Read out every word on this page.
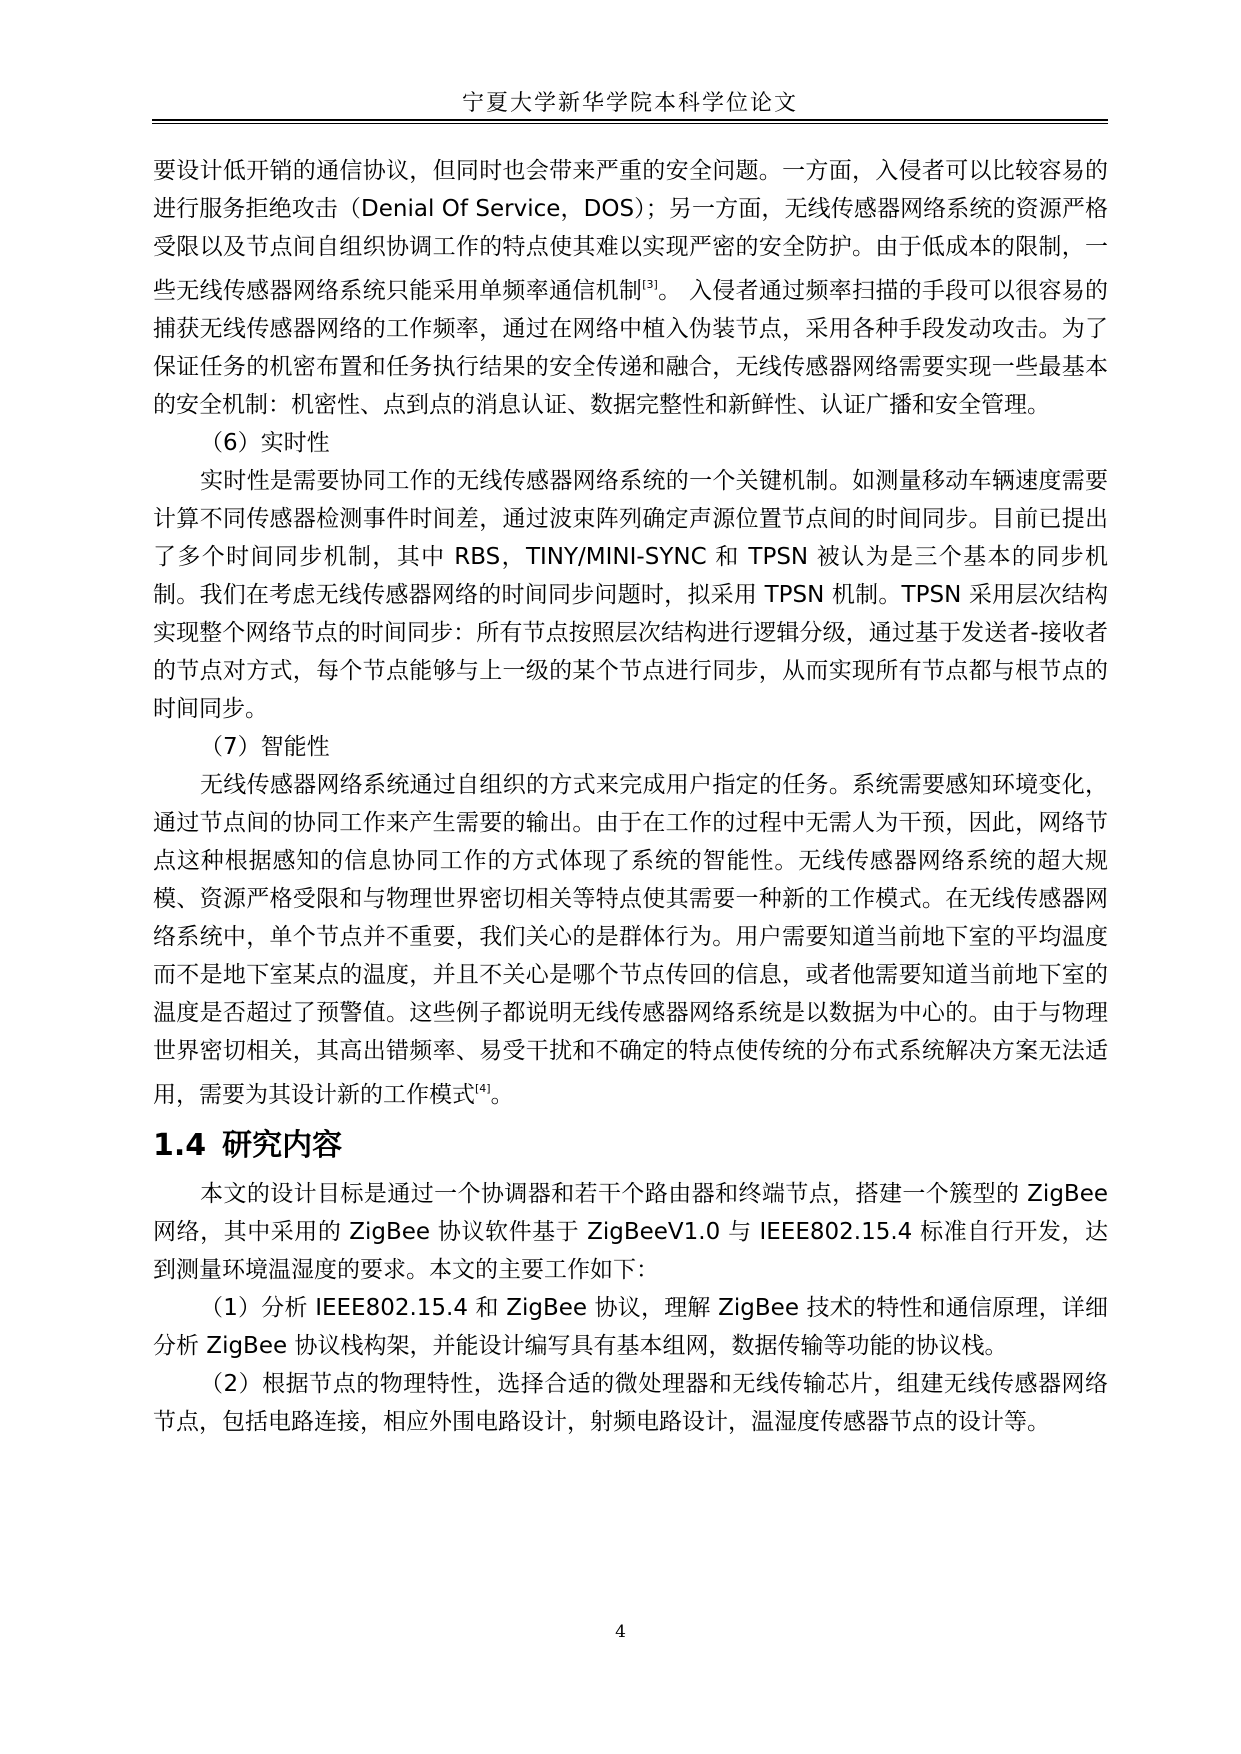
宁夏大学新华学院本科学位论文

要设计低开销的通信协议，但同时也会带来严重的安全问题。一方面，入侵者可以比较容易的进行服务拒绝攻击（Denial Of Service，DOS）；另一方面，无线传感器网络系统的资源严格受限以及节点间自组织协调工作的特点使其难以实现严密的安全防护。由于低成本的限制，一些无线传感器网络系统只能采用单频率通信机制[3]。 入侵者通过频率扫描的手段可以很容易的捕获无线传感器网络的工作频率，通过在网络中植入伪装节点，采用各种手段发动攻击。为了保证任务的机密布置和任务执行结果的安全传递和融合，无线传感器网络需要实现一些最基本的安全机制：机密性、点到点的消息认证、数据完整性和新鲜性、认证广播和安全管理。

（6）实时性

实时性是需要协同工作的无线传感器网络系统的一个关键机制。如测量移动车辆速度需要计算不同传感器检测事件时间差，通过波束阵列确定声源位置节点间的时间同步。目前已提出了多个时间同步机制，其中 RBS，TINY/MINI-SYNC 和 TPSN 被认为是三个基本的同步机制。我们在考虑无线传感器网络的时间同步问题时，拟采用 TPSN 机制。TPSN 采用层次结构实现整个网络节点的时间同步：所有节点按照层次结构进行逻辑分级，通过基于发送者-接收者的节点对方式，每个节点能够与上一级的某个节点进行同步，从而实现所有节点都与根节点的时间同步。

（7）智能性

无线传感器网络系统通过自组织的方式来完成用户指定的任务。系统需要感知环境变化，通过节点间的协同工作来产生需要的输出。由于在工作的过程中无需人为干预，因此，网络节点这种根据感知的信息协同工作的方式体现了系统的智能性。无线传感器网络系统的超大规模、资源严格受限和与物理世界密切相关等特点使其需要一种新的工作模式。在无线传感器网络系统中，单个节点并不重要，我们关心的是群体行为。用户需要知道当前地下室的平均温度而不是地下室某点的温度，并且不关心是哪个节点传回的信息，或者他需要知道当前地下室的温度是否超过了预警值。这些例子都说明无线传感器网络系统是以数据为中心的。由于与物理世界密切相关，其高出错频率、易受干扰和不确定的特点使传统的分布式系统解决方案无法适用，需要为其设计新的工作模式[4]。

1.4 研究内容

本文的设计目标是通过一个协调器和若干个路由器和终端节点，搭建一个簇型的 ZigBee 网络，其中采用的 ZigBee 协议软件基于 ZigBeeV1.0 与 IEEE802.15.4 标准自行开发，达到测量环境温湿度的要求。本文的主要工作如下：

（1）分析 IEEE802.15.4 和 ZigBee 协议，理解 ZigBee 技术的特性和通信原理，详细分析 ZigBee 协议栈构架，并能设计编写具有基本组网，数据传输等功能的协议栈。

（2）根据节点的物理特性，选择合适的微处理器和无线传输芯片，组建无线传感器网络节点，包括电路连接，相应外围电路设计，射频电路设计，温湿度传感器节点的设计等。

4
